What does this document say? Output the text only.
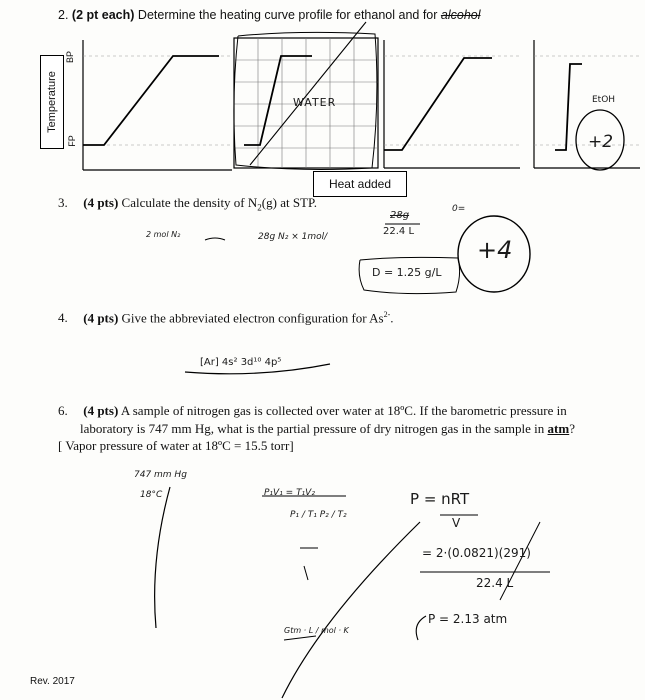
2. (2 pt each) Determine the heating curve profile for ethanol and for alcohol
Temperature
BP
FP
WATER	EtOH
+2
Heat added
3. (4 pts) Calculate the density of $N_2(g)$ at STP.
2 mol N₂	28g N₂ × 1mol/
28g
22.4 L
0=
D = 1.25 g/L
+4
4. (4 pts) Give the abbreviated electron configuration for $As^{2-}$.
[Ar] 4s² 3d¹⁰ 4p⁵
6. (4 pts) A sample of nitrogen gas is collected over water at 18ºC. If the barometric pressure in
laboratory is 747 mm Hg, what is the partial pressure of dry nitrogen gas in the sample in atm?
[ Vapor pressure of water at 18ºC = 15.5 torr]
747 mm Hg
18°C	P₁V₁ = T₁V₂
P₁ / T₁ P₂ / T₂
Gtm · L / mol · K
P = nRT
V
= 2·(0.0821)(291)
22.4 L
P = 2.13 atm
Rev. 2017
